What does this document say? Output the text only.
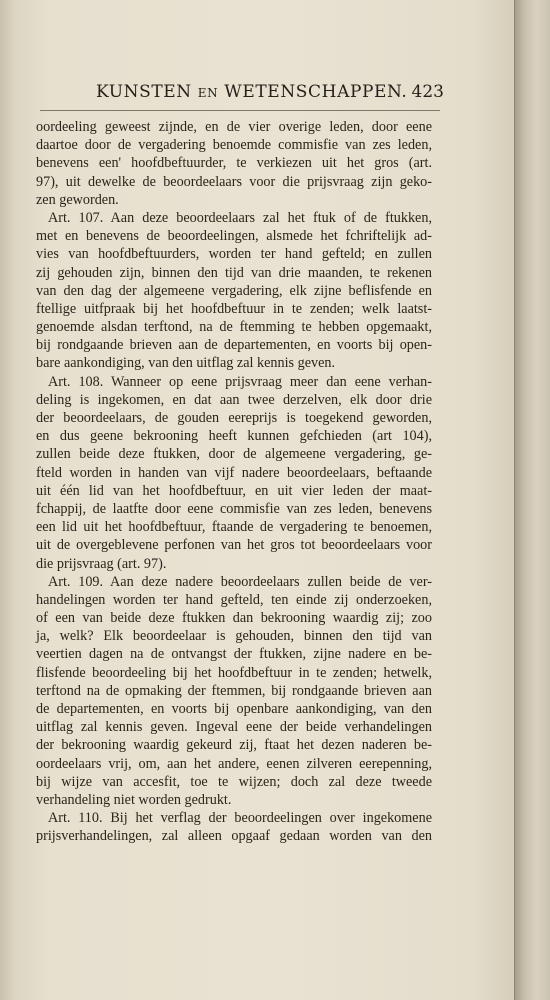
KUNSTEN EN WETENSCHAPPEN. 423
oordeeling geweest zijnde, en de vier overige leden, door eene
daartoe door de vergadering benoemde commisfie van zes leden,
benevens een' hoofdbeftuurder, te verkiezen uit het gros (art.
97), uit dewelke de beoordeelaars voor die prijsvraag zijn geko-
zen geworden.
Art. 107. Aan deze beoordeelaars zal het ftuk of de ftukken,
met en benevens de beoordeelingen, alsmede het fchriftelijk ad-
vies van hoofdbeftuurders, worden ter hand gefteld; en zullen
zij gehouden zijn, binnen den tijd van drie maanden, te rekenen
van den dag der algemeene vergadering, elk zijne beflisfende en
ftellige uitfpraak bij het hoofdbeftuur in te zenden; welk laatst-
genoemde alsdan terftond, na de ftemming te hebben opgemaakt,
bij rondgaande brieven aan de departementen, en voorts bij open-
bare aankondiging, van den uitflag zal kennis geven.
Art. 108. Wanneer op eene prijsvraag meer dan eene verhan-
deling is ingekomen, en dat aan twee derzelven, elk door drie
der beoordeelaars, de gouden eereprijs is toegekend geworden,
en dus geene bekrooning heeft kunnen gefchieden (art 104),
zullen beide deze ftukken, door de algemeene vergadering, ge-
fteld worden in handen van vijf nadere beoordeelaars, beftaande
uit één lid van het hoofdbeftuur, en uit vier leden der maat-
fchappij, de laatfte door eene commisfie van zes leden, benevens
een lid uit het hoofdbeftuur, ftaande de vergadering te benoemen,
uit de overgeblevene perfonen van het gros tot beoordeelaars voor
die prijsvraag (art. 97).
Art. 109. Aan deze nadere beoordeelaars zullen beide de ver-
handelingen worden ter hand gefteld, ten einde zij onderzoeken,
of een van beide deze ftukken dan bekrooning waardig zij; zoo
ja, welk? Elk beoordeelaar is gehouden, binnen den tijd van
veertien dagen na de ontvangst der ftukken, zijne nadere en be-
flisfende beoordeeling bij het hoofdbeftuur in te zenden; hetwelk,
terftond na de opmaking der ftemmen, bij rondgaande brieven aan
de departementen, en voorts bij openbare aankondiging, van den
uitflag zal kennis geven. Ingeval eene der beide verhandelingen
der bekrooning waardig gekeurd zij, ftaat het dezen naderen be-
oordeelaars vrij, om, aan het andere, eenen zilveren eerepenning,
bij wijze van accesfit, toe te wijzen; doch zal deze tweede
verhandeling niet worden gedrukt.
Art. 110. Bij het verflag der beoordeelingen over ingekomene
prijsverhandelingen, zal alleen opgaaf gedaan worden van den
